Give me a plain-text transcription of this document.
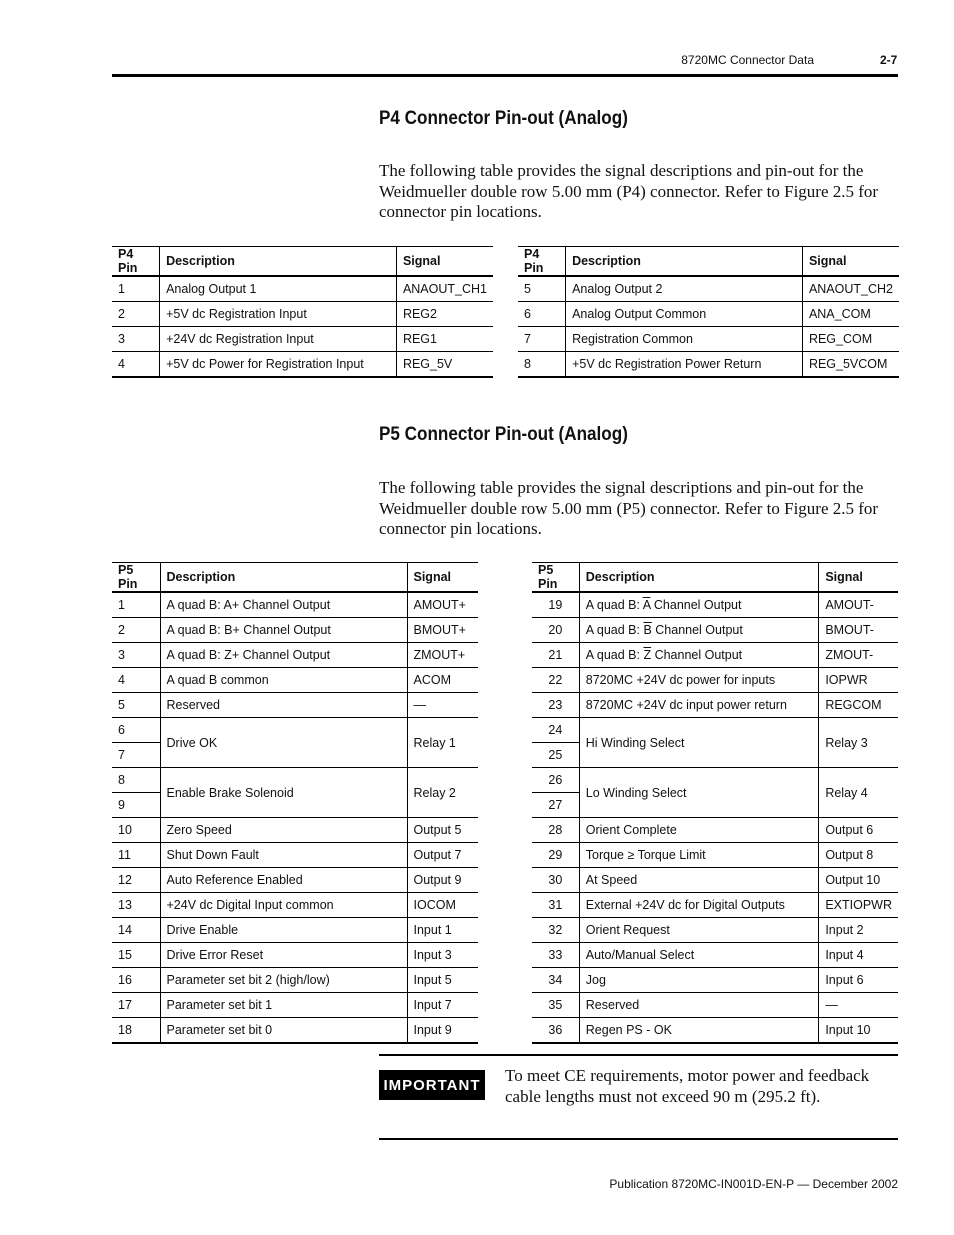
8720MC Connector Data	2-7
P4 Connector Pin-out (Analog)
The following table provides the signal descriptions and pin-out for the Weidmueller double row 5.00 mm (P4) connector. Refer to Figure 2.5 for connector pin locations.
P4 Pin	Description	Signal
1	Analog Output 1	ANAOUT_CH1
2	+5V dc Registration Input	REG2
3	+24V dc Registration Input	REG1
4	+5V dc Power for Registration Input	REG_5V
P4 Pin	Description	Signal
5	Analog Output 2	ANAOUT_CH2
6	Analog Output Common	ANA_COM
7	Registration Common	REG_COM
8	+5V dc Registration Power Return	REG_5VCOM
P5 Connector Pin-out (Analog)
The following table provides the signal descriptions and pin-out for the Weidmueller double row 5.00 mm (P5) connector. Refer to Figure 2.5 for connector pin locations.
P5 Pin	Description	Signal
1	A quad B: A+ Channel Output	AMOUT+
2	A quad B: B+ Channel Output	BMOUT+
3	A quad B: Z+ Channel Output	ZMOUT+
4	A quad B common	ACOM
5	Reserved	—
6	Drive OK	Relay 1
7		
8	Enable Brake Solenoid	Relay 2
9		
10	Zero Speed	Output 5
11	Shut Down Fault	Output 7
12	Auto Reference Enabled	Output 9
13	+24V dc Digital Input common	IOCOM
14	Drive Enable	Input 1
15	Drive Error Reset	Input 3
16	Parameter set bit 2 (high/low)	Input 5
17	Parameter set bit 1	Input 7
18	Parameter set bit 0	Input 9
P5 Pin	Description	Signal
19	A quad B: $\overline{A}$ Channel Output	AMOUT-
20	A quad B: $\overline{B}$ Channel Output	BMOUT-
21	A quad B: $\overline{Z}$ Channel Output	ZMOUT-
22	8720MC +24V dc power for inputs	IOPWR
23	8720MC +24V dc input power return	REGCOM
24	Hi Winding Select	Relay 3
25		
26	Lo Winding Select	Relay 4
27		
28	Orient Complete	Output 6
29	Torque ≥ Torque Limit	Output 8
30	At Speed	Output 10
31	External +24V dc for Digital Outputs	EXTIOPWR
32	Orient Request	Input 2
33	Auto/Manual Select	Input 4
34	Jog	Input 6
35	Reserved	—
36	Regen PS - OK	Input 10
IMPORTANT To meet CE requirements, motor power and feedback cable lengths must not exceed 90 m (295.2 ft).
Publication 8720MC-IN001D-EN-P — December 2002
